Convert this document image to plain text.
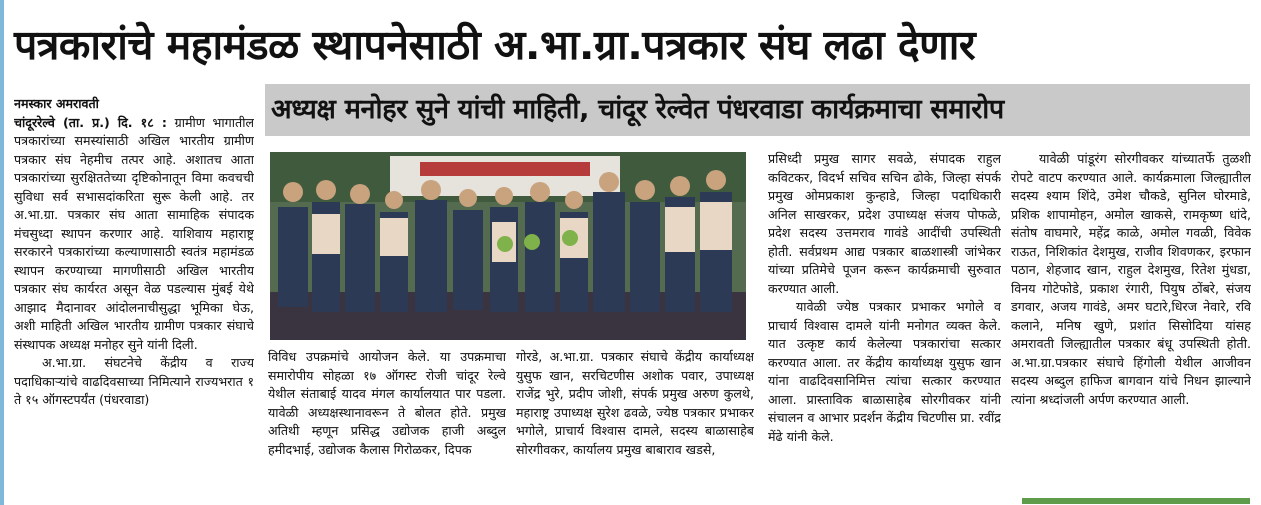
पत्रकारांचे महामंडळ स्थापनेसाठी अ.भा.ग्रा.पत्रकार संघ लढा देणार
अध्यक्ष मनोहर सुने यांची माहिती, चांदूर रेल्वेत पंधरवाडा कार्यक्रमाचा समारोप

नमस्कार अमरावती

चांदूररेल्वे (ता. प्र.) दि. १८ : ग्रामीण भागातील पत्रकारांच्या समस्यांसाठी अखिल भारतीय ग्रामीण पत्रकार संघ नेहमीच तत्पर आहे. अशातच आता पत्रकारांच्या सुरक्षिततेच्या दृष्टिकोनातून विमा कवचची सुविधा सर्व सभासदांकरिता सुरू केली आहे. तर अ.भा.ग्रा. पत्रकार संघ आता सामाहिक संपादक मंचसुध्दा स्थापन करणार आहे. याशिवाय महाराष्ट्र सरकारने पत्रकारांच्या कल्याणासाठी स्वतंत्र महामंडळ स्थापन करण्याच्या मागणीसाठी अखिल भारतीय पत्रकार संघ कार्यरत असून वेळ पडल्यास मुंबई येथे आझाद मैदानावर आंदोलनाचीसुद्धा भूमिका घेऊ, अशी माहिती अखिल भारतीय ग्रामीण पत्रकार संघाचे संस्थापक अध्यक्ष मनोहर सुने यांनी दिली.

अ.भा.ग्रा. संघटनेचे केंद्रीय व राज्य पदाधिकाऱ्यांचे वाढदिवसाच्या निमित्याने राज्यभरात १ ते १५ ऑगस्टपर्यंत (पंधरवाडा)

विविध उपक्रमांचे आयोजन केले. या उपक्रमाचा समारोपीय सोहळा १७ ऑगस्ट रोजी चांदूर रेल्वे येथील संताबाई यादव मंगल कार्यालयात पार पडला. यावेळी अध्यक्षस्थानावरून ते बोलत होते. प्रमुख अतिथी म्हणून प्रसिद्ध उद्योजक हाजी अब्दुल हमीदभाई, उद्योजक कैलास गिरोळकर, दिपक

गोरडे, अ.भा.ग्रा. पत्रकार संघाचे केंद्रीय कार्याध्यक्ष युसुफ खान, सरचिटणीस अशोक पवार, उपाध्यक्ष राजेंद्र भुरे, प्रदीप जोशी, संपर्क प्रमुख अरुण कुलथे, महाराष्ट्र उपाध्यक्ष सुरेश ढवळे, ज्येष्ठ पत्रकार प्रभाकर भगोले, प्राचार्य विश्वास दामले, सदस्य बाळासाहेब सोरगीवकर, कार्यालय प्रमुख बाबाराव खडसे,

प्रसिध्दी प्रमुख सागर सवळे, संपादक राहुल कविटकर, विदर्भ सचिव सचिन ढोके, जिल्हा संपर्क प्रमुख ओमप्रकाश कुन्हाडे, जिल्हा पदाधिकारी अनिल साखरकर, प्रदेश उपाध्यक्ष संजय पोफळे, प्रदेश सदस्य उत्तमराव गावंडे आदींची उपस्थिती होती. सर्वप्रथम आद्य पत्रकार बाळशास्त्री जांभेकर यांच्या प्रतिमेचे पूजन करून कार्यक्रमाची सुरुवात करण्यात आली.

यावेळी ज्येष्ठ पत्रकार प्रभाकर भगोले व प्राचार्य विश्वास दामले यांनी मनोगत व्यक्त केले. यात उत्कृष्ट कार्य केलेल्या पत्रकारांचा सत्कार करण्यात आला. तर केंद्रीय कार्याध्यक्ष युसुफ खान यांना वाढदिवसानिमित्त त्यांचा सत्कार करण्यात आला. प्रास्ताविक बाळासाहेब सोरगीवकर यांनी संचालन व आभार प्रदर्शन केंद्रीय चिटणीस प्रा. रवींद्र मेंढे यांनी केले.

यावेळी पांडूरंग सोरगीवकर यांच्यातर्फे तुळशी रोपटे वाटप करण्यात आले. कार्यक्रमाला जिल्ह्यातील सदस्य श्याम शिंदे, उमेश चौकडे, सुनिल घोरमाडे, प्रशिक शापामोहन, अमोल खाकसे, रामकृष्ण धांदे, संतोष वाघमारे, महेंद्र काळे, अमोल गवळी, विवेक राऊत, निशिकांत देशमुख, राजीव शिवणकर, इरफान पठान, शेहजाद खान, राहुल देशमुख, रितेश मुंधडा, विनय गोटेफोडे, प्रकाश रंगारी, पियुष ठोंबरे, संजय डगवार, अजय गावंडे, अमर घटारे,धिरज नेवारे, रवि कलाने, मनिष खुणे, प्रशांत सिसोदिया यांसह अमरावती जिल्ह्यातील पत्रकार बंधू उपस्थिती होती. अ.भा.ग्रा.पत्रकार संघाचे हिंगोली येथील आजीवन सदस्य अब्दुल हाफिज बागवान यांचे निधन झाल्याने त्यांना श्रध्दांजली अर्पण करण्यात आली.
